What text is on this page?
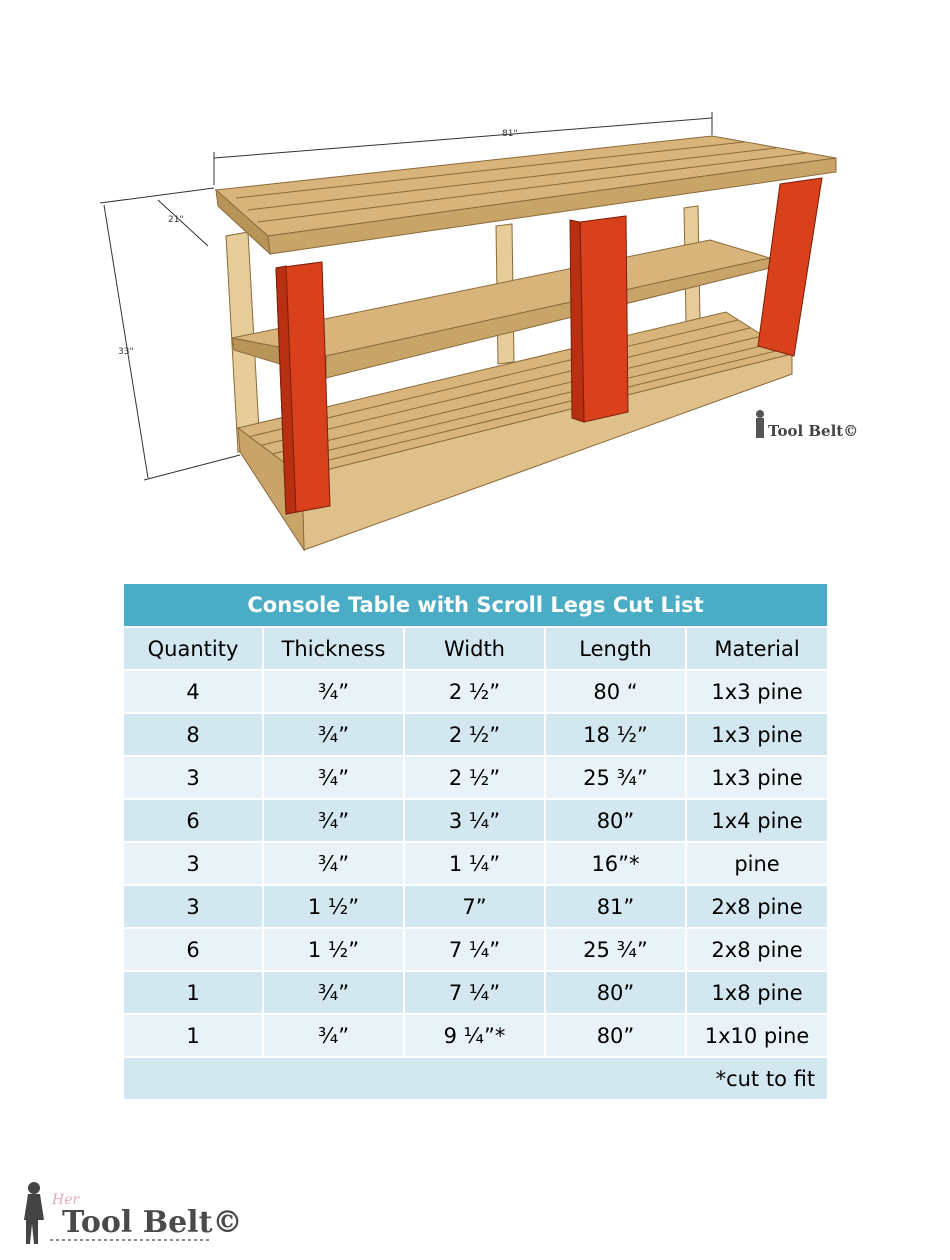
81"
21"
33"
Tool Belt©
Console Table with Scroll Legs Cut List				
Quantity	Thickness	Width	Length	Material
4	¾”	2 ½”	80 “	1x3 pine
8	¾”	2 ½”	18 ½”	1x3 pine
3	¾”	2 ½”	25 ¾”	1x3 pine
6	¾”	3 ¼”	80”	1x4 pine
3	¾”	1 ¼”	16”*	pine
3	1 ½”	7”	81”	2x8 pine
6	1 ½”	7 ¼”	25 ¾”	2x8 pine
1	¾”	7 ¼”	80”	1x8 pine
1	¾”	9 ¼”*	80”	1x10 pine
*cut to fit				
Her
Tool Belt©
